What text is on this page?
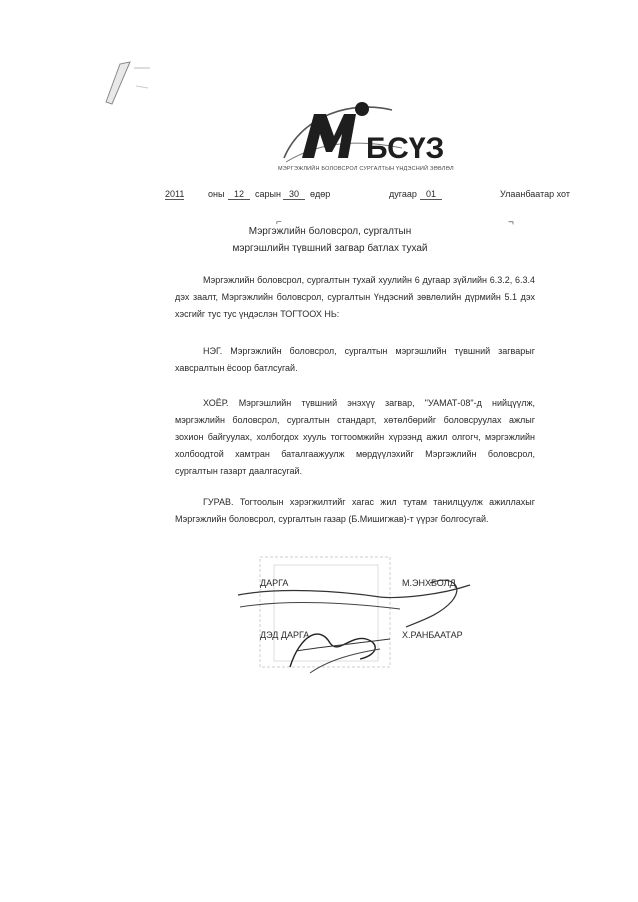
БСҮЗ
МЭРГЭЖЛИЙН БОЛОВСРОЛ СУРГАЛТЫН ҮНДЭСНИЙ ЗӨВЛӨЛ
2011	оны	12	сарын 30	өдөр	дугаар	01	Улаанбаатар хот
⌐	¬
Мэргэжлийн боловсрол, сургалтын
мэргэшлийн түвшний загвар батлах тухай

Мэргэжлийн боловсрол, сургалтын тухай хуулийн 6 дугаар зүйлийн 6.3.2, 6.3.4 дэх заалт, Мэргэжлийн боловсрол, сургалтын Үндэсний зөвлөлийн дүрмийн 5.1 дэх хэсгийг тус тус үндэслэн ТОГТООХ НЬ:

НЭГ. Мэргэжлийн боловсрол, сургалтын мэргэшлийн түвшний загварыг хавсралтын ёсоор батлсугай.

ХОЁР. Мэргэшлийн түвшний энэхүү загвар, "УАМАТ-08"-д нийцүүлж, мэргэжлийн боловсрол, сургалтын стандарт, хөтөлбөрийг боловсруулах ажлыг зохион байгуулах, холбогдох хууль тогтоомжийн хүрээнд ажил олгогч, мэргэжлийн холбоодтой хамтран баталгаажуулж мөрдүүлэхийг Мэргэжлийн боловсрол, сургалтын газарт даалгасугай.

ГУРАВ. Тогтоолын хэрэгжилтийг хагас жил тутам танилцуулж ажиллахыг Мэргэжлийн боловсрол, сургалтын газар (Б.Мишигжав)-т үүрэг болгосугай.

ДАРГА	М.ЭНХБОЛД
ДЭД ДАРГА	Х.РАНБААТАР
